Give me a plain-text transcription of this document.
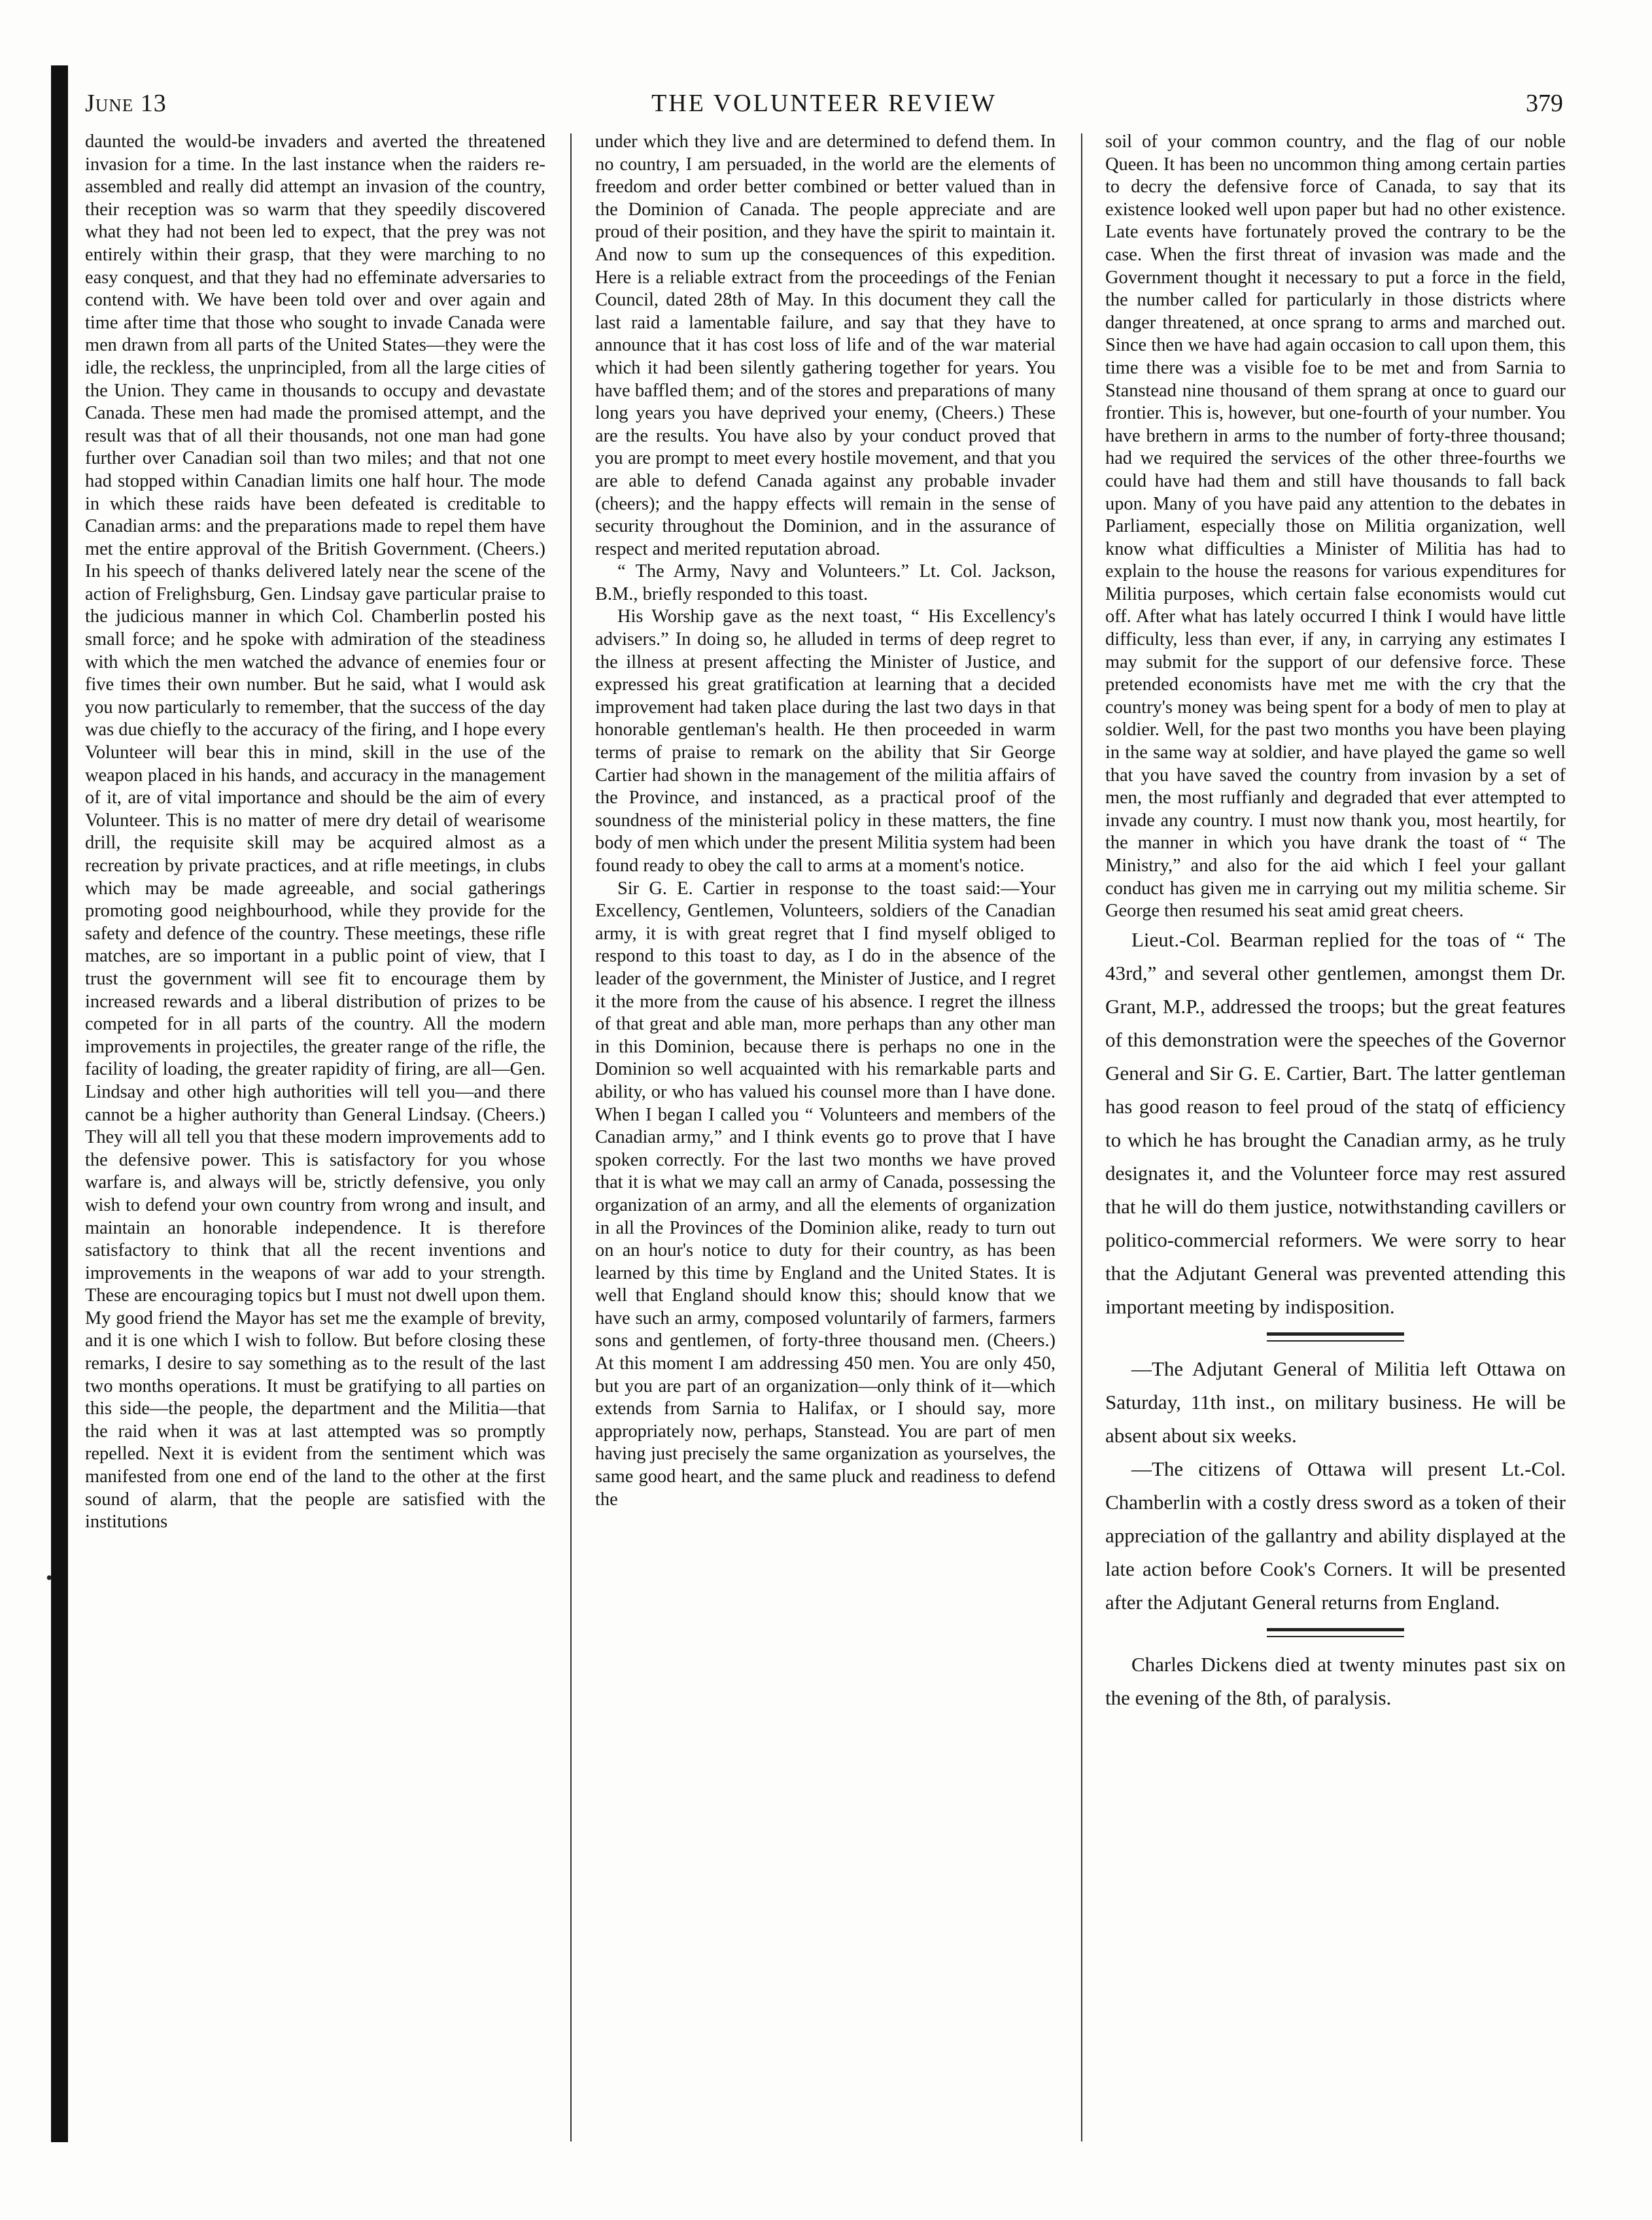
•
June 13	THE VOLUNTEER REVIEW	379

daunted the would-be invaders and averted the threatened invasion for a time. In the last instance when the raiders re-assembled and really did attempt an invasion of the country, their reception was so warm that they speedily discovered what they had not been led to expect, that the prey was not entirely within their grasp, that they were marching to no easy conquest, and that they had no effeminate adversaries to contend with. We have been told over and over again and time after time that those who sought to invade Canada were men drawn from all parts of the United States—they were the idle, the reckless, the unprincipled, from all the large cities of the Union. They came in thousands to occupy and devastate Canada. These men had made the promised attempt, and the result was that of all their thousands, not one man had gone further over Canadian soil than two miles; and that not one had stopped within Canadian limits one half hour. The mode in which these raids have been defeated is creditable to Canadian arms: and the preparations made to repel them have met the entire approval of the British Government. (Cheers.) In his speech of thanks delivered lately near the scene of the action of Frelighsburg, Gen. Lindsay gave particular praise to the judicious manner in which Col. Chamberlin posted his small force; and he spoke with admiration of the steadiness with which the men watched the advance of enemies four or five times their own number. But he said, what I would ask you now particularly to remember, that the success of the day was due chiefly to the accuracy of the firing, and I hope every Volunteer will bear this in mind, skill in the use of the weapon placed in his hands, and accuracy in the management of it, are of vital importance and should be the aim of every Volunteer. This is no matter of mere dry detail of wearisome drill, the requisite skill may be acquired almost as a recreation by private practices, and at rifle meetings, in clubs which may be made agreeable, and social gatherings promoting good neighbourhood, while they provide for the safety and defence of the country. These meetings, these rifle matches, are so important in a public point of view, that I trust the government will see fit to encourage them by increased rewards and a liberal distribution of prizes to be competed for in all parts of the country. All the modern improvements in projectiles, the greater range of the rifle, the facility of loading, the greater rapidity of firing, are all—Gen. Lindsay and other high authorities will tell you—and there cannot be a higher authority than General Lindsay. (Cheers.) They will all tell you that these modern improvements add to the defensive power. This is satisfactory for you whose warfare is, and always will be, strictly defensive, you only wish to defend your own country from wrong and insult, and maintain an honorable independence. It is therefore satisfactory to think that all the recent inventions and improvements in the weapons of war add to your strength. These are encouraging topics but I must not dwell upon them. My good friend the Mayor has set me the example of brevity, and it is one which I wish to follow. But before closing these remarks, I desire to say something as to the result of the last two months operations. It must be gratifying to all parties on this side—the people, the department and the Militia—that the raid when it was at last attempted was so promptly repelled. Next it is evident from the sentiment which was manifested from one end of the land to the other at the first sound of alarm, that the people are satisfied with the institutions

under which they live and are determined to defend them. In no country, I am persuaded, in the world are the elements of freedom and order better combined or better valued than in the Dominion of Canada. The people appreciate and are proud of their position, and they have the spirit to maintain it. And now to sum up the consequences of this expedition. Here is a reliable extract from the proceedings of the Fenian Council, dated 28th of May. In this document they call the last raid a lamentable failure, and say that they have to announce that it has cost loss of life and of the war material which it had been silently gathering together for years. You have baffled them; and of the stores and preparations of many long years you have deprived your enemy, (Cheers.) These are the results. You have also by your conduct proved that you are prompt to meet every hostile movement, and that you are able to defend Canada against any probable invader (cheers); and the happy effects will remain in the sense of security throughout the Dominion, and in the assurance of respect and merited reputation abroad.

“ The Army, Navy and Volunteers.” Lt. Col. Jackson, B.M., briefly responded to this toast.

His Worship gave as the next toast, “ His Excellency's advisers.” In doing so, he alluded in terms of deep regret to the illness at present affecting the Minister of Justice, and expressed his great gratification at learning that a decided improvement had taken place during the last two days in that honorable gentleman's health. He then proceeded in warm terms of praise to remark on the ability that Sir George Cartier had shown in the management of the militia affairs of the Province, and instanced, as a practical proof of the soundness of the ministerial policy in these matters, the fine body of men which under the present Militia system had been found ready to obey the call to arms at a moment's notice.

Sir G. E. Cartier in response to the toast said:—Your Excellency, Gentlemen, Volunteers, soldiers of the Canadian army, it is with great regret that I find myself obliged to respond to this toast to day, as I do in the absence of the leader of the government, the Minister of Justice, and I regret it the more from the cause of his absence. I regret the illness of that great and able man, more perhaps than any other man in this Dominion, because there is perhaps no one in the Dominion so well acquainted with his remarkable parts and ability, or who has valued his counsel more than I have done. When I began I called you “ Volunteers and members of the Canadian army,” and I think events go to prove that I have spoken correctly. For the last two months we have proved that it is what we may call an army of Canada, possessing the organization of an army, and all the elements of organization in all the Provinces of the Dominion alike, ready to turn out on an hour's notice to duty for their country, as has been learned by this time by England and the United States. It is well that England should know this; should know that we have such an army, composed voluntarily of farmers, farmers sons and gentlemen, of forty-three thousand men. (Cheers.) At this moment I am addressing 450 men. You are only 450, but you are part of an organization—only think of it—which extends from Sarnia to Halifax, or I should say, more appropriately now, perhaps, Stanstead. You are part of men having just precisely the same organization as yourselves, the same good heart, and the same pluck and readiness to defend the

soil of your common country, and the flag of our noble Queen. It has been no uncommon thing among certain parties to decry the defensive force of Canada, to say that its existence looked well upon paper but had no other existence. Late events have fortunately proved the contrary to be the case. When the first threat of invasion was made and the Government thought it necessary to put a force in the field, the number called for particularly in those districts where danger threatened, at once sprang to arms and marched out. Since then we have had again occasion to call upon them, this time there was a visible foe to be met and from Sarnia to Stanstead nine thousand of them sprang at once to guard our frontier. This is, however, but one-fourth of your number. You have brethern in arms to the number of forty-three thousand; had we required the services of the other three-fourths we could have had them and still have thousands to fall back upon. Many of you have paid any attention to the debates in Parliament, especially those on Militia organization, well know what difficulties a Minister of Militia has had to explain to the house the reasons for various expenditures for Militia purposes, which certain false economists would cut off. After what has lately occurred I think I would have little difficulty, less than ever, if any, in carrying any estimates I may submit for the support of our defensive force. These pretended economists have met me with the cry that the country's money was being spent for a body of men to play at soldier. Well, for the past two months you have been playing in the same way at soldier, and have played the game so well that you have saved the country from invasion by a set of men, the most ruffianly and degraded that ever attempted to invade any country. I must now thank you, most heartily, for the manner in which you have drank the toast of “ The Ministry,” and also for the aid which I feel your gallant conduct has given me in carrying out my militia scheme. Sir George then resumed his seat amid great cheers.

Lieut.-Col. Bearman replied for the toas of “ The 43rd,” and several other gentlemen, amongst them Dr. Grant, M.P., addressed the troops; but the great features of this demonstration were the speeches of the Governor General and Sir G. E. Cartier, Bart. The latter gentleman has good reason to feel proud of the statq of efficiency to which he has brought the Canadian army, as he truly designates it, and the Volunteer force may rest assured that he will do them justice, notwithstanding cavillers or politico-commercial reformers. We were sorry to hear that the Adjutant General was prevented attending this important meeting by indisposition.

—The Adjutant General of Militia left Ottawa on Saturday, 11th inst., on military business. He will be absent about six weeks.

—The citizens of Ottawa will present Lt.-Col. Chamberlin with a costly dress sword as a token of their appreciation of the gallantry and ability displayed at the late action before Cook's Corners. It will be presented after the Adjutant General returns from England.

Charles Dickens died at twenty minutes past six on the evening of the 8th, of paralysis.
